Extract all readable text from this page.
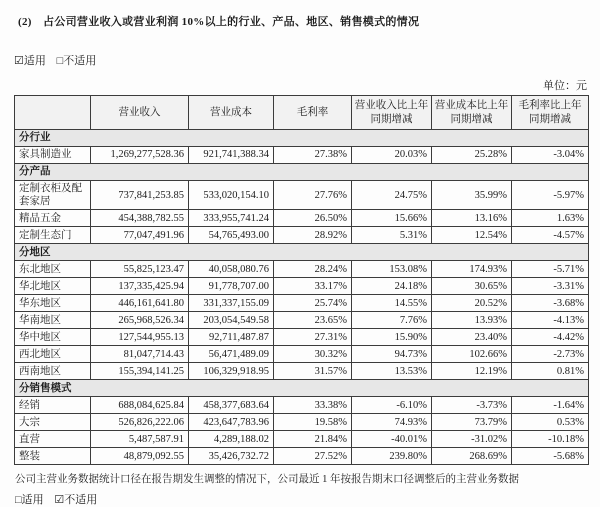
(2)　占公司营业收入或营业利润 10%以上的行业、产品、地区、销售模式的情况
☑适用 □不适用
单位：元
	营业收入	营业成本	毛利率	营业收入比上年同期增减	营业成本比上年同期增减	毛利率比上年同期增减
分行业						
家具制造业	1,269,277,528.36	921,741,388.34	27.38%	20.03%	25.28%	-3.04%
分产品						
定制衣柜及配套家居	737,841,253.85	533,020,154.10	27.76%	24.75%	35.99%	-5.97%
精品五金	454,388,782.55	333,955,741.24	26.50%	15.66%	13.16%	1.63%
定制生态门	77,047,491.96	54,765,493.00	28.92%	5.31%	12.54%	-4.57%
分地区						
东北地区	55,825,123.47	40,058,080.76	28.24%	153.08%	174.93%	-5.71%
华北地区	137,335,425.94	91,778,707.00	33.17%	24.18%	30.65%	-3.31%
华东地区	446,161,641.80	331,337,155.09	25.74%	14.55%	20.52%	-3.68%
华南地区	265,968,526.34	203,054,549.58	23.65%	7.76%	13.93%	-4.13%
华中地区	127,544,955.13	92,711,487.87	27.31%	15.90%	23.40%	-4.42%
西北地区	81,047,714.43	56,471,489.09	30.32%	94.73%	102.66%	-2.73%
西南地区	155,394,141.25	106,329,918.95	31.57%	13.53%	12.19%	0.81%
分销售模式						
经销	688,084,625.84	458,377,683.64	33.38%	-6.10%	-3.73%	-1.64%
大宗	526,826,222.06	423,647,783.96	19.58%	74.93%	73.79%	0.53%
直营	5,487,587.91	4,289,188.02	21.84%	-40.01%	-31.02%	-10.18%
整装	48,879,092.55	35,426,732.72	27.52%	239.80%	268.69%	-5.68%
公司主营业务数据统计口径在报告期发生调整的情况下，公司最近 1 年按报告期末口径调整后的主营业务数据
□适用 ☑不适用
